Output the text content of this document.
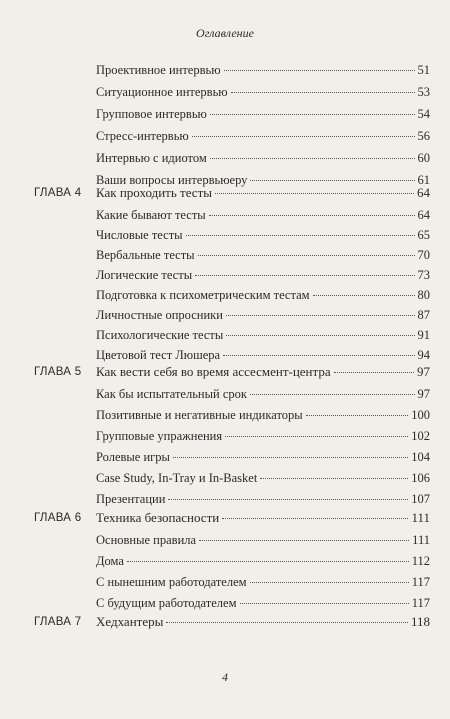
Оглавление
Проективное интервью	51
Ситуационное интервью	53
Групповое интервью	54
Стресс-интервью	56
Интервью с идиотом	60
Ваши вопросы интервьюеру	61
ГЛАВА 4	Как проходить тесты	64
Какие бывают тесты	64
Числовые тесты	65
Вербальные тесты	70
Логические тесты	73
Подготовка к психометрическим тестам	80
Личностные опросники	87
Психологические тесты	91
Цветовой тест Люшера	94
ГЛАВА 5	Как вести себя во время ассесмент-центра	97
Как бы испытательный срок	97
Позитивные и негативные индикаторы	100
Групповые упражнения	102
Ролевые игры	104
Case Study, In-Tray и In-Basket	106
Презентации	107
ГЛАВА 6	Техника безопасности	111
Основные правила	111
Дома	112
С нынешним работодателем	117
С будущим работодателем	117
ГЛАВА 7	Хедхантеры	118
4
